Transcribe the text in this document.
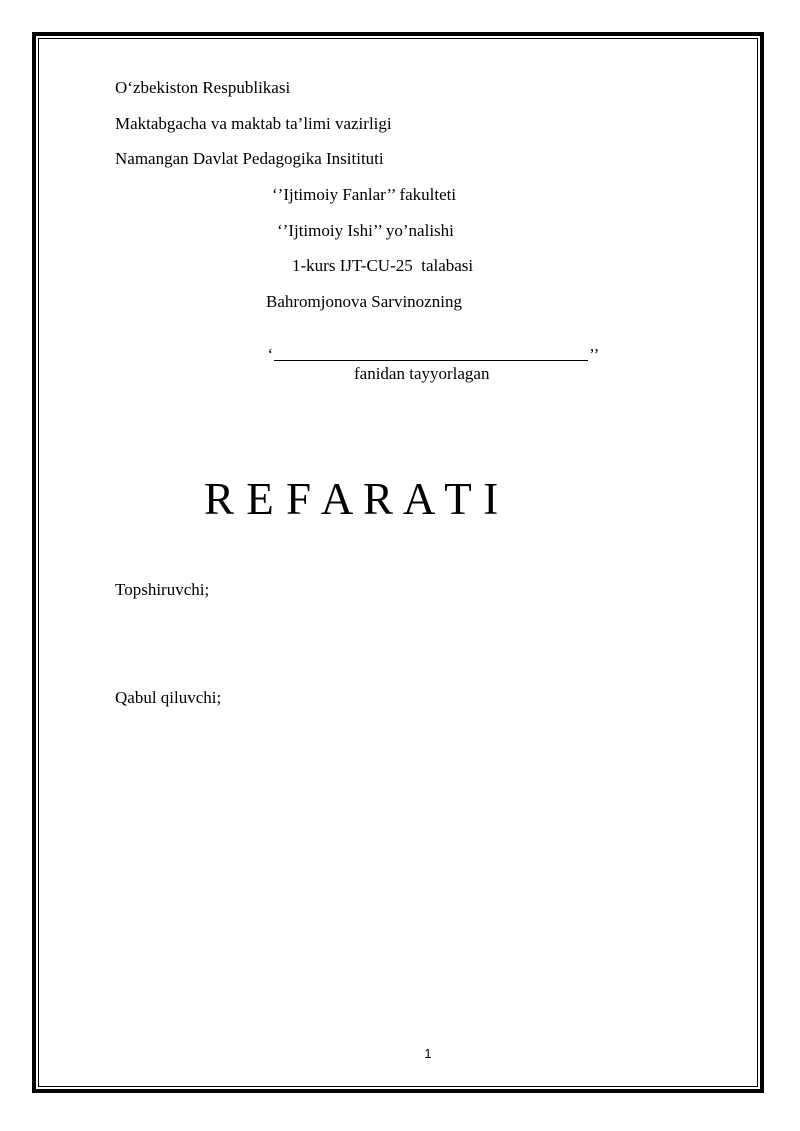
O‘zbekiston Respublikasi
Maktabgacha va maktab ta’limi vazirligi
Namangan Davlat Pedagogika Insitituti
‘’Ijtimoiy Fanlar’’ fakulteti
‘’Ijtimoiy Ishi’’ yo’nalishi
1-kurs IJT-CU-25  talabasi
Bahromjonova Sarvinozning

‘	’’

fanidan tayyorlagan
R E F A R A T I
Topshiruvchi;
Qabul qiluvchi;
1
